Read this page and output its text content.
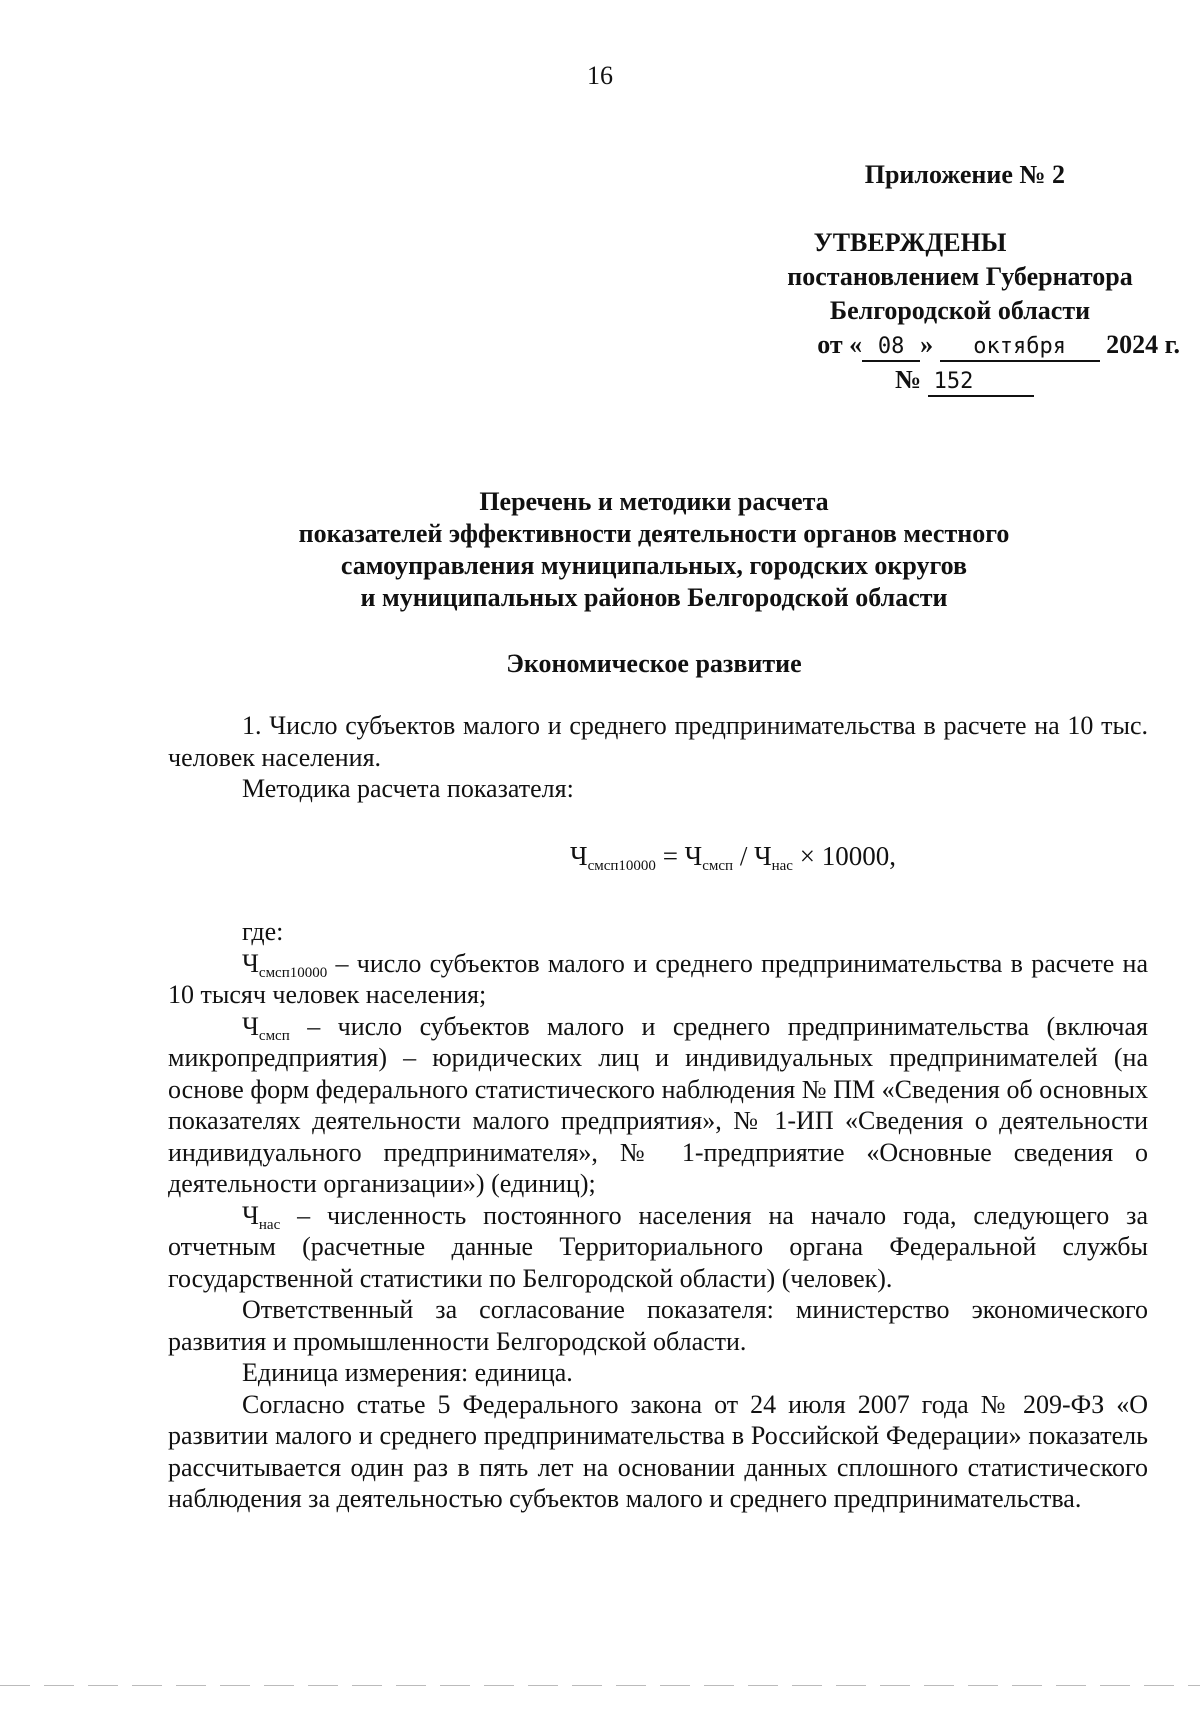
16
Приложение № 2
УТВЕРЖДЕНЫ
постановлением Губернатора
Белгородской области
от « 08 » октября 2024 г.
№ 152
Перечень и методики расчета
показателей эффективности деятельности органов местного
самоуправления муниципальных, городских округов
и муниципальных районов Белгородской области
Экономическое развитие

1. Число субъектов малого и среднего предпринимательства в расчете на 10 тыс. человек населения.

Методика расчета показателя:

$Ч_{смсп10000} = Ч_{смсп} / Ч_{нас} \times 10000$,

где:

$Ч_{смсп10000}$ – число субъектов малого и среднего предпринимательства в расчете на 10 тысяч человек населения;

$Ч_{смсп}$ – число субъектов малого и среднего предпринимательства (включая микропредприятия) – юридических лиц и индивидуальных предпринимателей (на основе форм федерального статистического наблюдения № ПМ «Сведения об основных показателях деятельности малого предприятия», № 1-ИП «Сведения о деятельности индивидуального предпринимателя», № 1-предприятие «Основные сведения о деятельности организации») (единиц);

$Ч_{нас}$ – численность постоянного населения на начало года, следующего за отчетным (расчетные данные Территориального органа Федеральной службы государственной статистики по Белгородской области) (человек).

Ответственный за согласование показателя: министерство экономического развития и промышленности Белгородской области.

Единица измерения: единица.

Согласно статье 5 Федерального закона от 24 июля 2007 года № 209-ФЗ «О развитии малого и среднего предпринимательства в Российской Федерации» показатель рассчитывается один раз в пять лет на основании данных сплошного статистического наблюдения за деятельностью субъектов малого и среднего предпринимательства.
